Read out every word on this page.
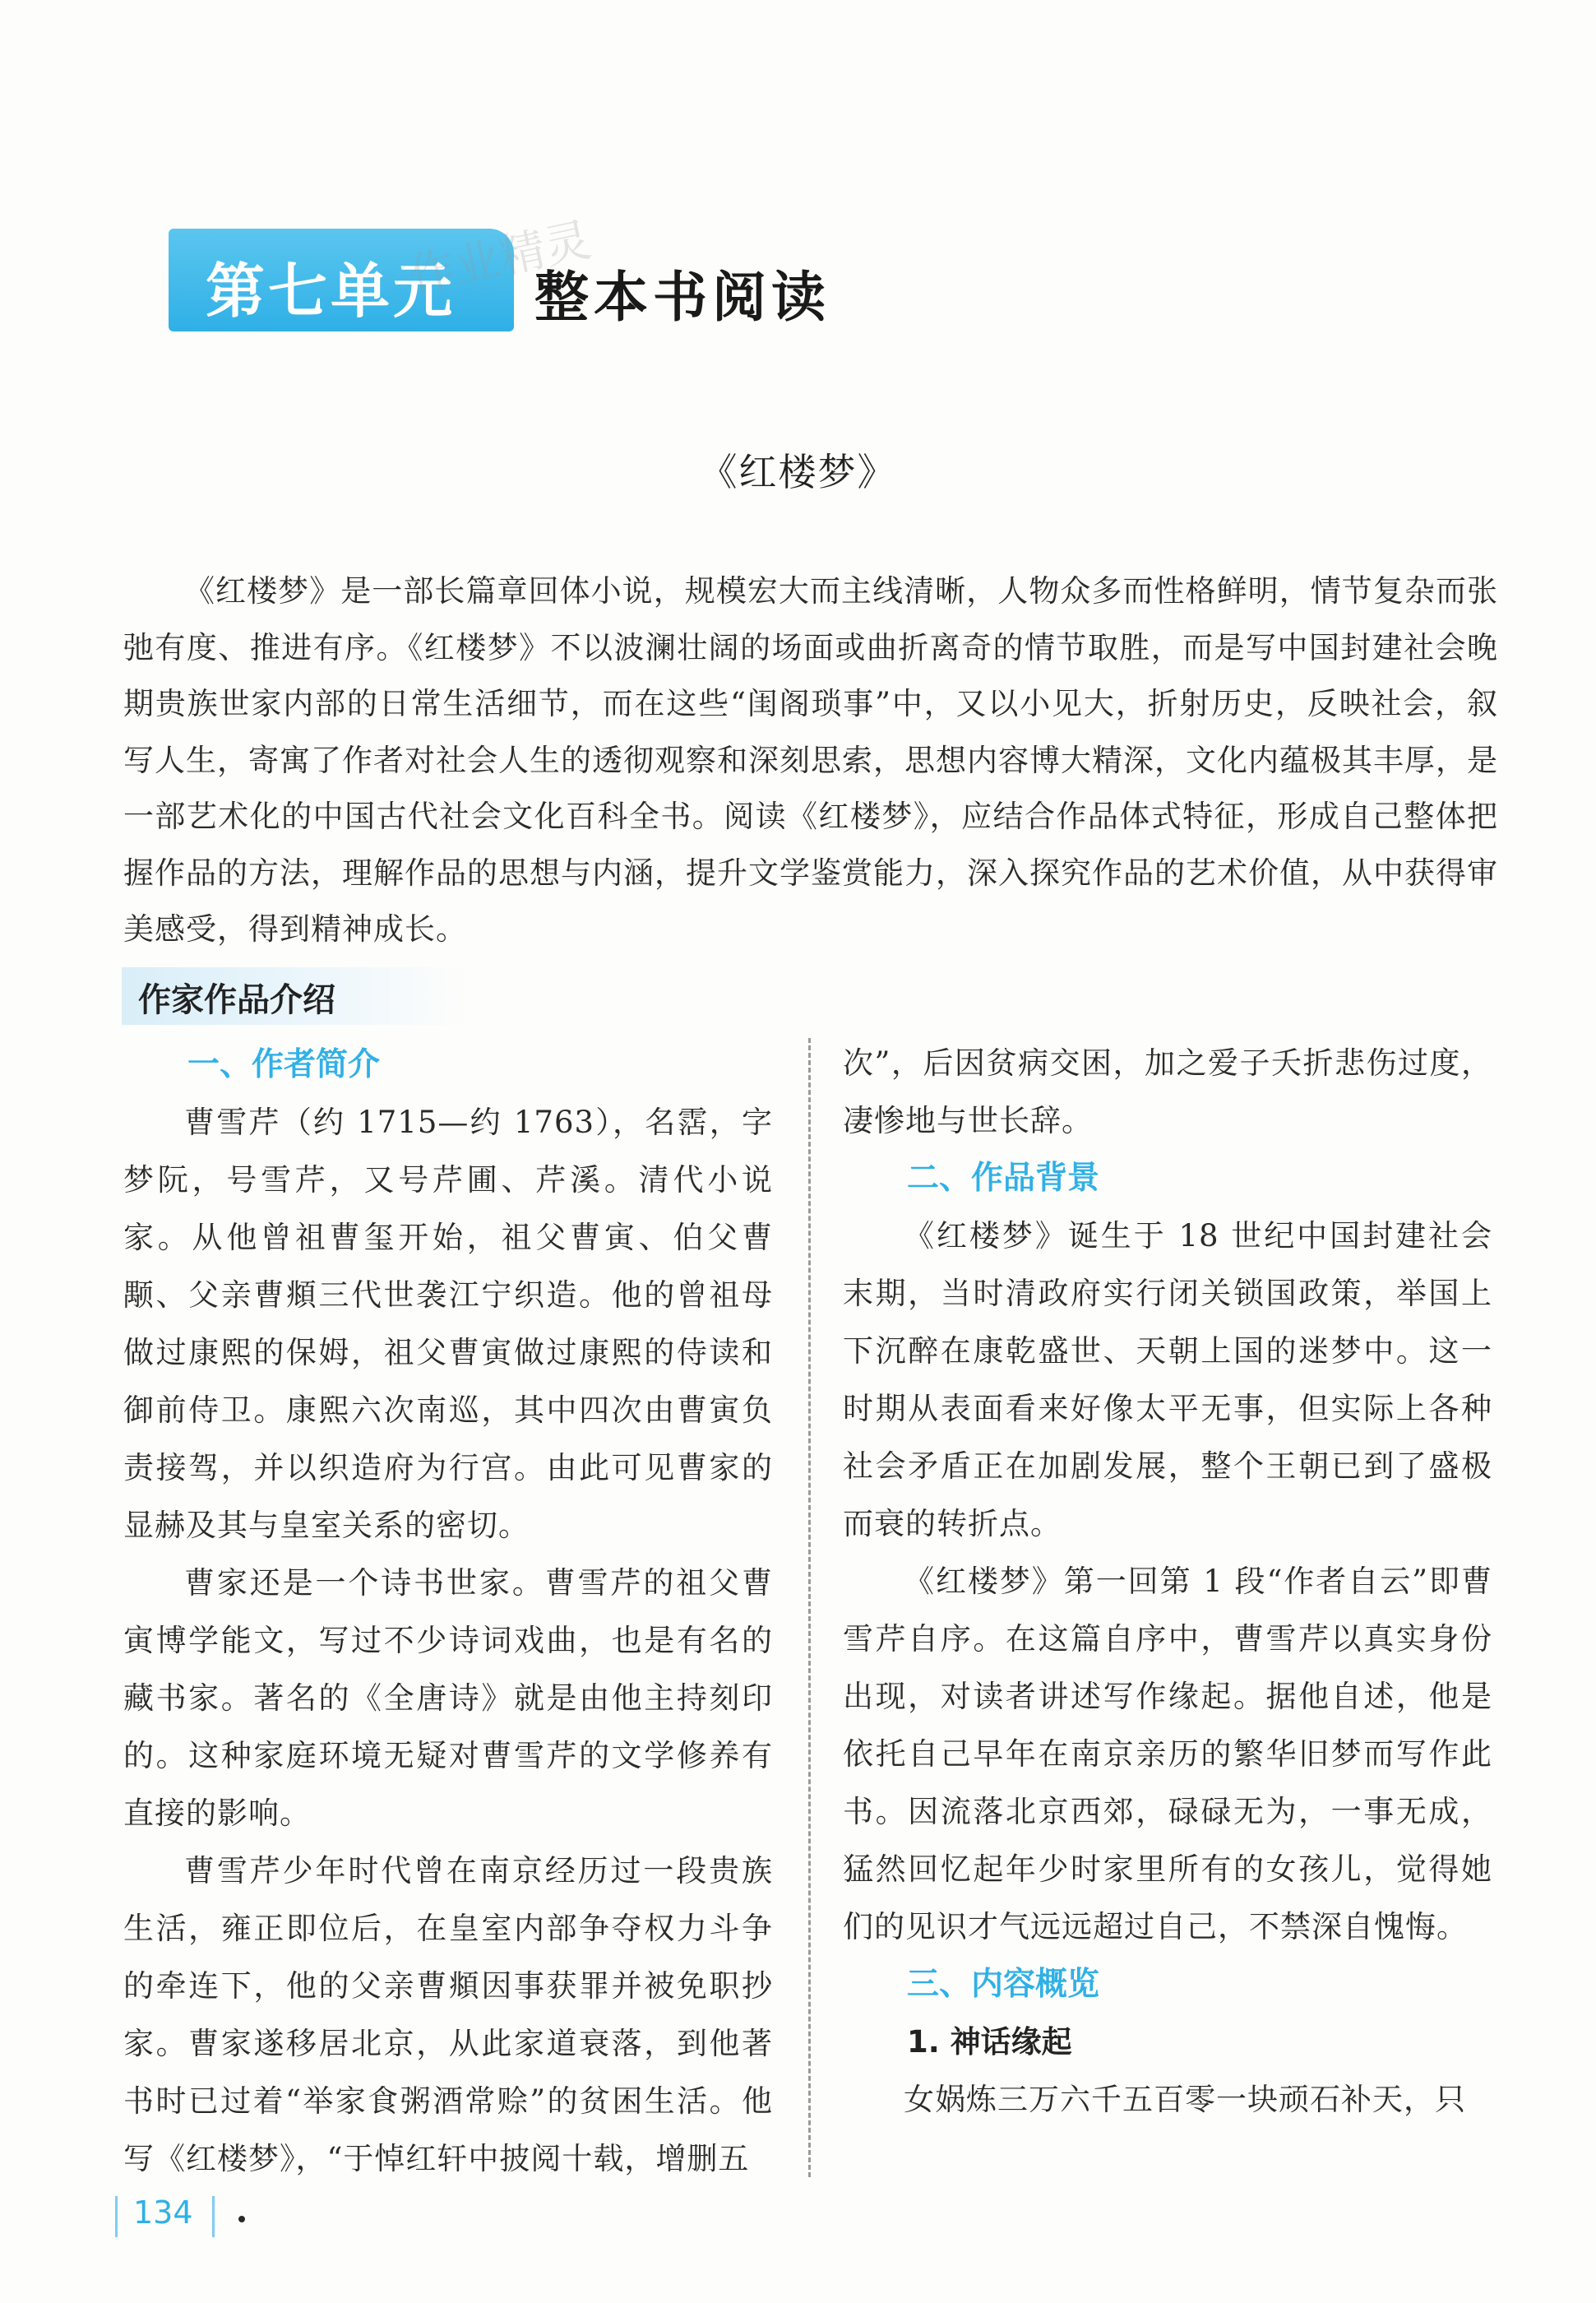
第七单元 整本书阅读
作业精灵
《红楼梦》

《红楼梦》是一部长篇章回体小说，规模宏大而主线清晰，人物众多而性格鲜明，情节复杂而张弛有度、推进有序。《红楼梦》不以波澜壮阔的场面或曲折离奇的情节取胜，而是写中国封建社会晚期贵族世家内部的日常生活细节，而在这些“闺阁琐事”中，又以小见大，折射历史，反映社会，叙写人生，寄寓了作者对社会人生的透彻观察和深刻思索，思想内容博大精深，文化内蕴极其丰厚，是一部艺术化的中国古代社会文化百科全书。阅读《红楼梦》，应结合作品体式特征，形成自己整体把握作品的方法，理解作品的思想与内涵，提升文学鉴赏能力，深入探究作品的艺术价值，从中获得审美感受，得到精神成长。

作家作品介绍
一、作者简介

曹雪芹（约 1715—约 1763），名霑，字梦阮，号雪芹，又号芹圃、芹溪。清代小说家。从他曾祖曹玺开始，祖父曹寅、伯父曹颙、父亲曹頫三代世袭江宁织造。他的曾祖母做过康熙的保姆，祖父曹寅做过康熙的侍读和御前侍卫。康熙六次南巡，其中四次由曹寅负责接驾，并以织造府为行宫。由此可见曹家的显赫及其与皇室关系的密切。

曹家还是一个诗书世家。曹雪芹的祖父曹寅博学能文，写过不少诗词戏曲，也是有名的藏书家。著名的《全唐诗》就是由他主持刻印的。这种家庭环境无疑对曹雪芹的文学修养有直接的影响。

曹雪芹少年时代曾在南京经历过一段贵族生活，雍正即位后，在皇室内部争夺权力斗争的牵连下，他的父亲曹頫因事获罪并被免职抄家。曹家遂移居北京，从此家道衰落，到他著书时已过着“举家食粥酒常赊”的贫困生活。他写《红楼梦》，“于悼红轩中披阅十载，增删五

次”，后因贫病交困，加之爱子夭折悲伤过度，凄惨地与世长辞。

二、作品背景

《红楼梦》诞生于 18 世纪中国封建社会末期，当时清政府实行闭关锁国政策，举国上下沉醉在康乾盛世、天朝上国的迷梦中。这一时期从表面看来好像太平无事，但实际上各种社会矛盾正在加剧发展，整个王朝已到了盛极而衰的转折点。

《红楼梦》第一回第 1 段“作者自云”即曹雪芹自序。在这篇自序中，曹雪芹以真实身份出现，对读者讲述写作缘起。据他自述，他是依托自己早年在南京亲历的繁华旧梦而写作此书。因流落北京西郊，碌碌无为，一事无成，猛然回忆起年少时家里所有的女孩儿，觉得她们的见识才气远远超过自己，不禁深自愧悔。

三、内容概览
1. 神话缘起

女娲炼三万六千五百零一块顽石补天，只

134
